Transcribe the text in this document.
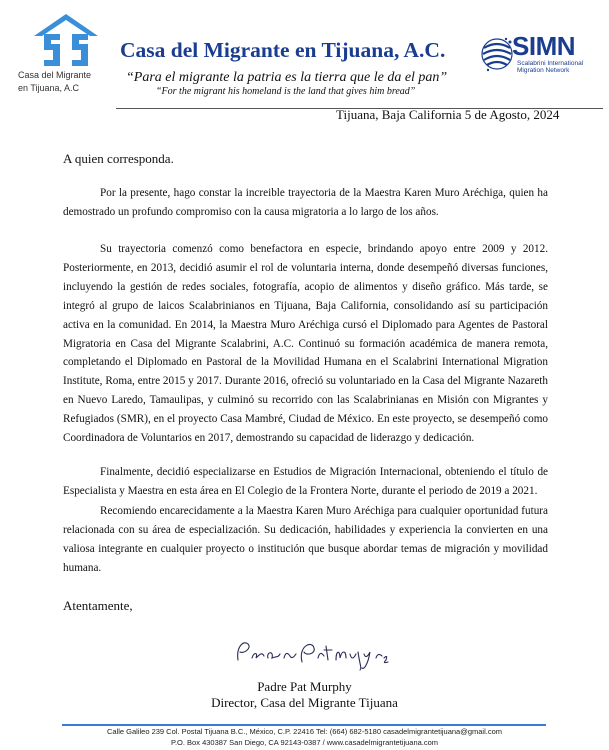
Casa del Migrante
en Tijuana, A.C
Casa del Migrante en Tijuana, A.C.
“Para el migrante la patria es la tierra que le da el pan”
“For the migrant his homeland is the land that gives him bread”
SIMN
Scalabrini International
Migration Network
Tijuana, Baja California 5 de Agosto, 2024
A quien corresponda.

Por la presente, hago constar la increible trayectoria de la Maestra Karen Muro Aréchiga, quien ha demostrado un profundo compromiso con la causa migratoria a lo largo de los años.

Su trayectoria comenzó como benefactora en especie, brindando apoyo entre 2009 y 2012. Posteriormente, en 2013, decidió asumir el rol de voluntaria interna, donde desempeñó diversas funciones, incluyendo la gestión de redes sociales, fotografía, acopio de alimentos y diseño gráfico. Más tarde, se integró al grupo de laicos Scalabrinianos en Tijuana, Baja California, consolidando así su participación activa en la comunidad. En 2014, la Maestra Muro Aréchiga cursó el Diplomado para Agentes de Pastoral Migratoria en Casa del Migrante Scalabrini, A.C. Continuó su formación académica de manera remota, completando el Diplomado en Pastoral de la Movilidad Humana en el Scalabrini International Migration Institute, Roma, entre 2015 y 2017. Durante 2016, ofreció su voluntariado en la Casa del Migrante Nazareth en Nuevo Laredo, Tamaulipas, y culminó su recorrido con las Scalabrinianas en Misión con Migrantes y Refugiados (SMR), en el proyecto Casa Mambré, Ciudad de México. En este proyecto, se desempeñó como Coordinadora de Voluntarios en 2017, demostrando su capacidad de liderazgo y dedicación.

Finalmente, decidió especializarse en Estudios de Migración Internacional, obteniendo el título de Especialista y Maestra en esta área en El Colegio de la Frontera Norte, durante el periodo de 2019 a 2021.

Recomiendo encarecidamente a la Maestra Karen Muro Aréchiga para cualquier oportunidad futura relacionada con su área de especialización. Su dedicación, habilidades y experiencia la convierten en una valiosa integrante en cualquier proyecto o institución que busque abordar temas de migración y movilidad humana.

Atentamente,
Padre Pat Murphy
Director, Casa del Migrante Tijuana
Calle Galileo 239 Col. Postal Tijuana B.C., México, C.P. 22416 Tel: (664) 682-5180 casadelmigrantetijuana@gmail.com
P.O. Box 430387 San Diego, CA 92143-0387 / www.casadelmigrantetijuana.com
